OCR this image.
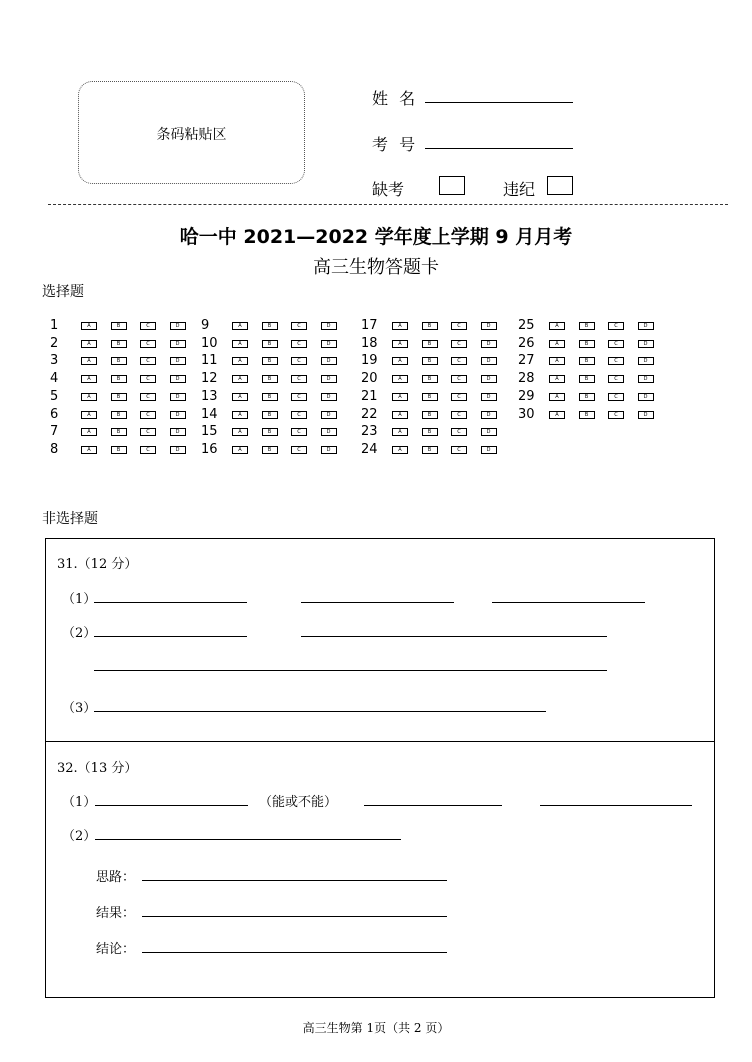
条码粘贴区
姓 名
考 号
缺考	违纪
哈一中 2021—2022 学年度上学期 9 月月考
高三生物答题卡
选择题
1	A	B	C	D
2	A	B	C	D
3	A	B	C	D
4	A	B	C	D
5	A	B	C	D
6	A	B	C	D
7	A	B	C	D
8	A	B	C	D
9	A	B	C	D
10	A	B	C	D
11	A	B	C	D
12	A	B	C	D
13	A	B	C	D
14	A	B	C	D
15	A	B	C	D
16	A	B	C	D
17	A	B	C	D
18	A	B	C	D
19	A	B	C	D
20	A	B	C	D
21	A	B	C	D
22	A	B	C	D
23	A	B	C	D
24	A	B	C	D
25	A	B	C	D
26	A	B	C	D
27	A	B	C	D
28	A	B	C	D
29	A	B	C	D
30	A	B	C	D
非选择题
31.（12 分）
（1）
（2）
（3）
32.（13 分）
（1）	（能或不能）
（2）
思路：
结果：
结论：
高三生物第 1页（共 2 页）
